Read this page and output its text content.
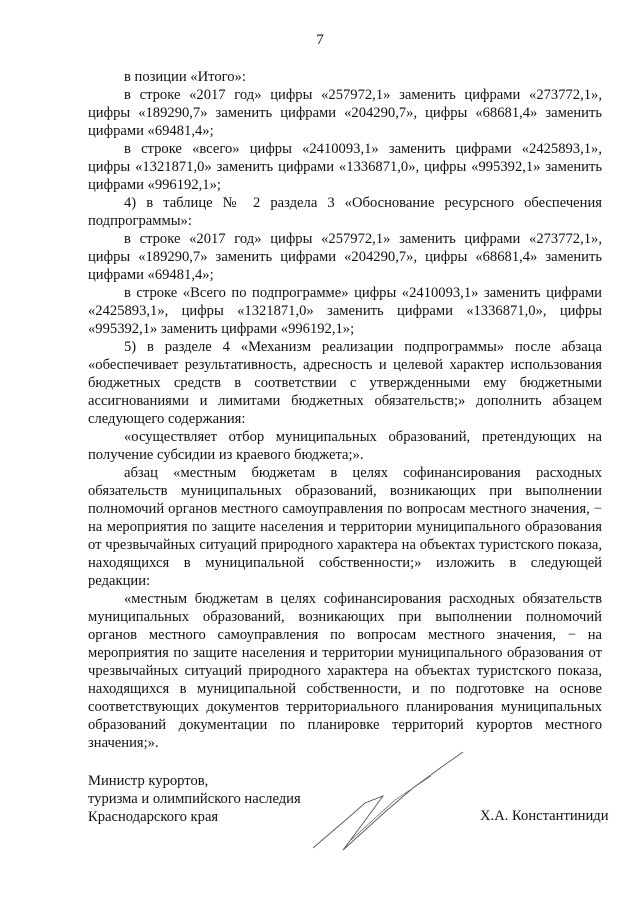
7

в позиции «Итого»:

в строке «2017 год» цифры «257972,1» заменить цифрами «273772,1», цифры «189290,7» заменить цифрами «204290,7», цифры «68681,4» заменить цифрами «69481,4»;

в строке «всего» цифры «2410093,1» заменить цифрами «2425893,1», цифры «1321871,0» заменить цифрами «1336871,0», цифры «995392,1» заменить цифрами «996192,1»;

4) в таблице № 2 раздела 3 «Обоснование ресурсного обеспечения подпрограммы»:

в строке «2017 год» цифры «257972,1» заменить цифрами «273772,1», цифры «189290,7» заменить цифрами «204290,7», цифры «68681,4» заменить цифрами «69481,4»;

в строке «Всего по подпрограмме» цифры «2410093,1» заменить цифрами «2425893,1», цифры «1321871,0» заменить цифрами «1336871,0», цифры «995392,1» заменить цифрами «996192,1»;

5) в разделе 4 «Механизм реализации подпрограммы» после абзаца «обеспечивает результативность, адресность и целевой характер использования бюджетных средств в соответствии с утвержденными ему бюджетными ассигнованиями и лимитами бюджетных обязательств;» дополнить абзацем следующего содержания:

«осуществляет отбор муниципальных образований, претендующих на получение субсидии из краевого бюджета;».

абзац «местным бюджетам в целях софинансирования расходных обязательств муниципальных образований, возникающих при выполнении полномочий органов местного самоуправления по вопросам местного значения, − на мероприятия по защите населения и территории муниципального образования от чрезвычайных ситуаций природного характера на объектах туристского показа, находящихся в муниципальной собственности;» изложить в следующей редакции:

«местным бюджетам в целях софинансирования расходных обязательств муниципальных образований, возникающих при выполнении полномочий органов местного самоуправления по вопросам местного значения, − на мероприятия по защите населения и территории муниципального образования от чрезвычайных ситуаций природного характера на объектах туристского показа, находящихся в муниципальной собственности, и по подготовке на основе соответствующих документов территориального планирования муниципальных образований документации по планировке территорий курортов местного значения;».

Министр курортов,
туризма и олимпийского наследия
Краснодарского края	Х.А. Константиниди
